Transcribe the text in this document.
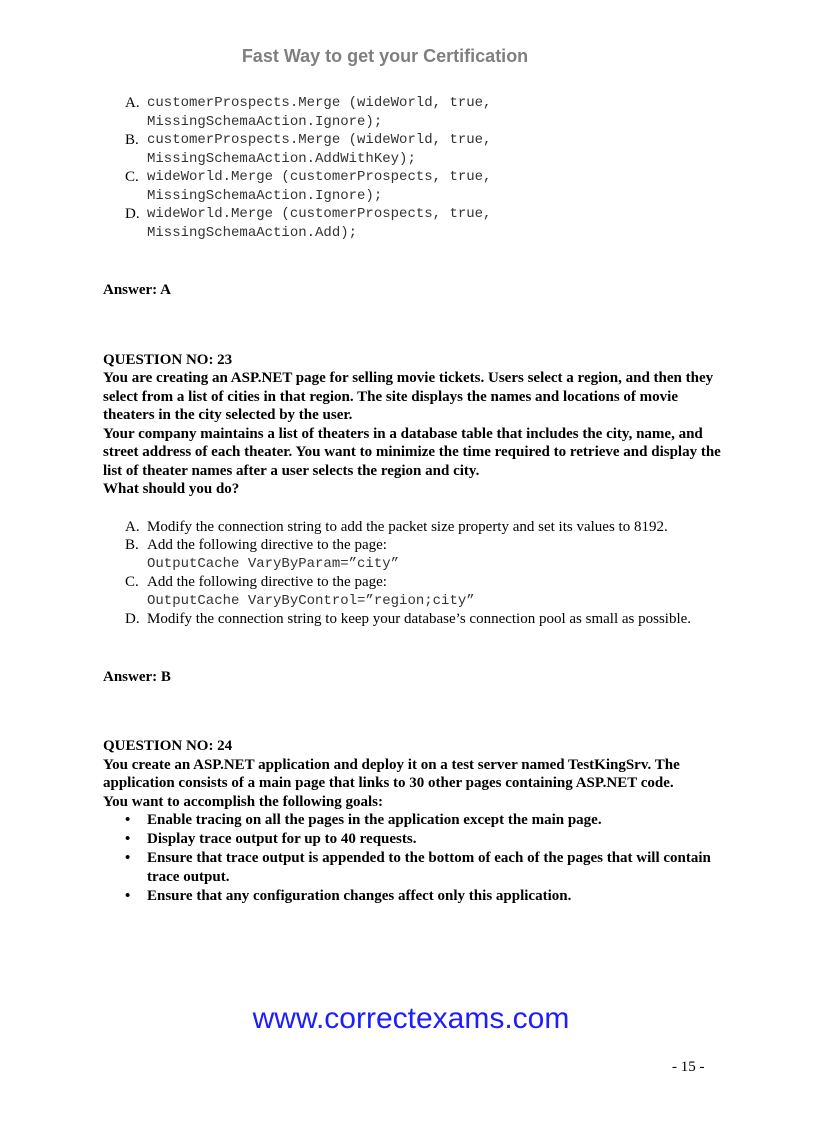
Fast Way to get your Certification
A. customerProspects.Merge (wideWorld, true,
MissingSchemaAction.Ignore);
B. customerProspects.Merge (wideWorld, true,
MissingSchemaAction.AddWithKey);
C. wideWorld.Merge (customerProspects, true,
MissingSchemaAction.Ignore);
D. wideWorld.Merge (customerProspects, true,
MissingSchemaAction.Add);
Answer: A
QUESTION NO: 23
You are creating an ASP.NET page for selling movie tickets. Users select a region, and then they select from a list of cities in that region. The site displays the names and locations of movie theaters in the city selected by the user.
Your company maintains a list of theaters in a database table that includes the city, name, and street address of each theater. You want to minimize the time required to retrieve and display the list of theater names after a user selects the region and city.
What should you do?
A. Modify the connection string to add the packet size property and set its values to 8192.
B. Add the following directive to the page:
OutputCache VaryByParam=”city”
C. Add the following directive to the page:
OutputCache VaryByControl=”region;city”
D. Modify the connection string to keep your database’s connection pool as small as possible.
Answer: B
QUESTION NO: 24
You create an ASP.NET application and deploy it on a test server named TestKingSrv. The application consists of a main page that links to 30 other pages containing ASP.NET code.
You want to accomplish the following goals:
•	Enable tracing on all the pages in the application except the main page.
•	Display trace output for up to 40 requests.
•	Ensure that trace output is appended to the bottom of each of the pages that will contain trace output.
•	Ensure that any configuration changes affect only this application.
www.correctexams.com
- 15 -
